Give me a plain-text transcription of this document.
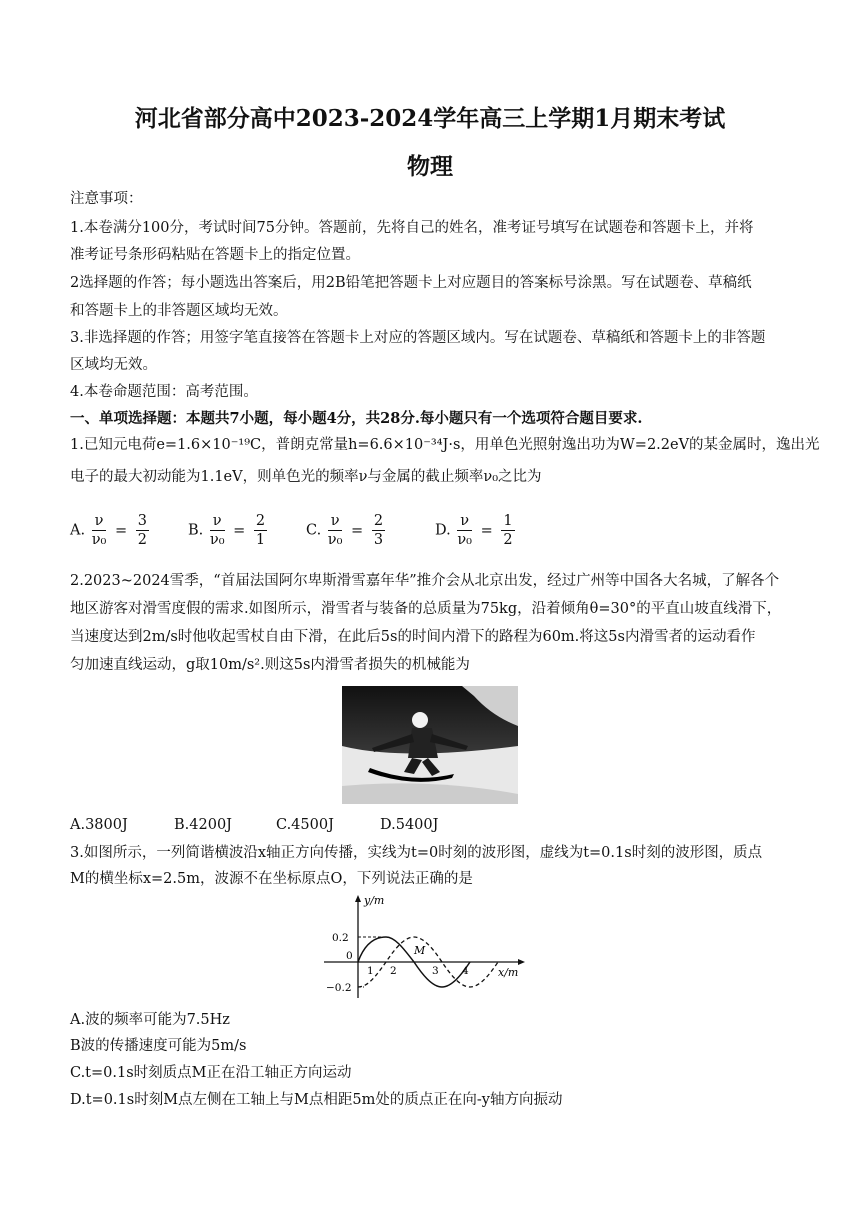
河北省部分高中2023-2024学年高三上学期1月期末考试
物理
注意事项：
1.本卷满分100分，考试时间75分钟。答题前，先将自己的姓名，准考证号填写在试题卷和答题卡上，并将
准考证号条形码粘贴在答题卡上的指定位置。
2选择题的作答；每小题选出答案后，用2B铅笔把答题卡上对应题目的答案标号涂黑。写在试题卷、草稿纸
和答题卡上的非答题区域均无效。
3.非选择题的作答；用签字笔直接答在答题卡上对应的答题区域内。写在试题卷、草稿纸和答题卡上的非答题
区域均无效。
4.本卷命题范围：高考范围。
一、单项选择题：本题共7小题，每小题4分，共28分.每小题只有一个选项符合题目要求.
1.已知元电荷e=1.6×10⁻¹⁹C，普朗克常量h=6.6×10⁻³⁴J·s，用单色光照射逸出功为W=2.2eV的某金属时，逸出光
电子的最大初动能为1.1eV，则单色光的频率ν与金属的截止频率ν₀之比为
A. $\frac{\nu}{\text{ν₀}} = \frac{3}{2}$	B. $\frac{\nu}{\text{ν₀}} = \frac{2}{1}$	C. $\frac{\nu}{\text{ν₀}} = \frac{2}{3}$	D. $\frac{\nu}{\text{ν₀}} = \frac{1}{2}$
2.2023~2024雪季，“首届法国阿尔卑斯滑雪嘉年华”推介会从北京出发，经过广州等中国各大名城，了解各个
地区游客对滑雪度假的需求.如图所示，滑雪者与装备的总质量为75kg，沿着倾角θ=30°的平直山坡直线滑下，
当速度达到2m/s时他收起雪杖自由下滑，在此后5s的时间内滑下的路程为60m.将这5s内滑雪者的运动看作
匀加速直线运动，g取10m/s².则这5s内滑雪者损失的机械能为
A.3800J	B.4200J	C.4500J	D.5400J
3.如图所示，一列简谐横波沿x轴正方向传播，实线为t=0时刻的波形图，虚线为t=0.1s时刻的波形图，质点
M的横坐标x=2.5m，波源不在坐标原点O，下列说法正确的是
y/m
x/m
0.2
0
−0.2
1 2	3 4
M
A.波的频率可能为7.5Hz
B波的传播速度可能为5m/s
C.t=0.1s时刻质点M正在沿工轴正方向运动
D.t=0.1s时刻M点左侧在工轴上与M点相距5m处的质点正在向-y轴方向振动
